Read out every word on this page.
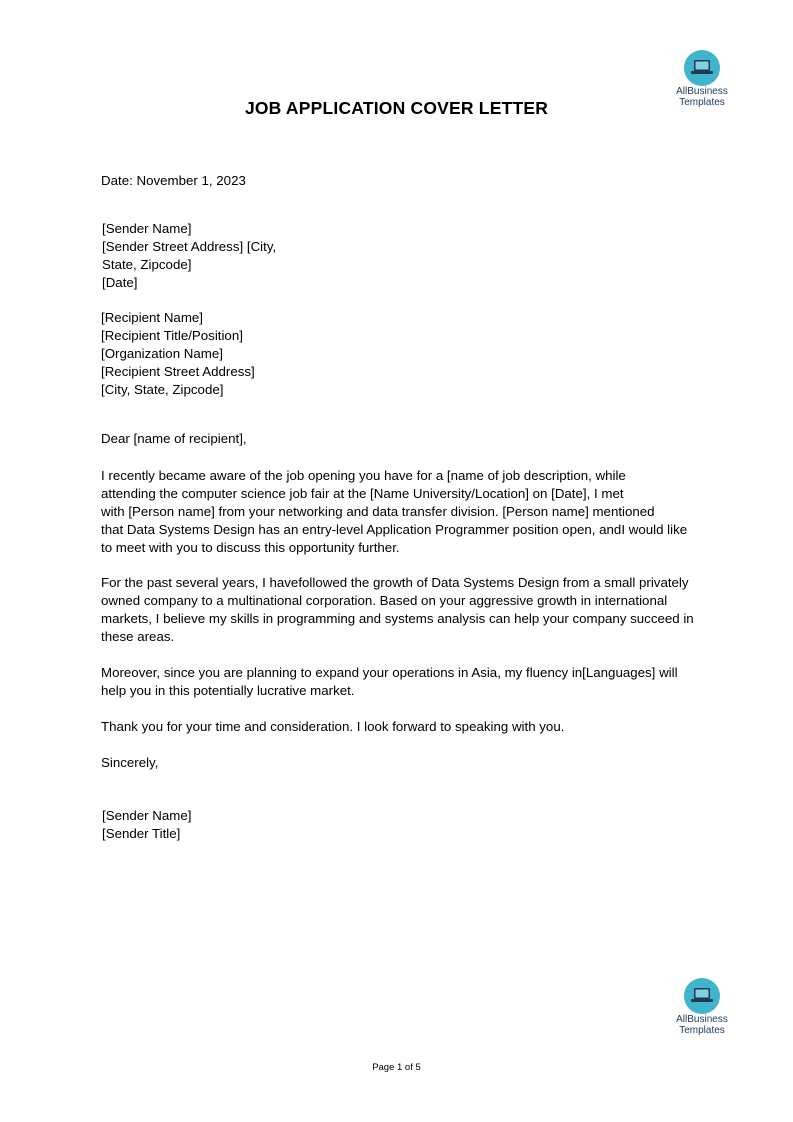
AllBusiness
Templates
JOB APPLICATION COVER LETTER
Date: November 1, 2023
[Sender Name]
[Sender Street Address] [City,
State, Zipcode]
[Date]
[Recipient Name]
[Recipient Title/Position]
[Organization Name]
[Recipient Street Address]
[City, State, Zipcode]
Dear [name of recipient],
I recently became aware of the job opening you have for a [name of job description, while
attending the computer science job fair at the [Name University/Location] on [Date], I met
with [Person name] from your networking and data transfer division. [Person name] mentioned
that Data Systems Design has an entry-level Application Programmer position open, andI would like
to meet with you to discuss this opportunity further.
For the past several years, I havefollowed the growth of Data Systems Design from a small privately
owned company to a multinational corporation. Based on your aggressive growth in international
markets, I believe my skills in programming and systems analysis can help your company succeed in
these areas.
Moreover, since you are planning to expand your operations in Asia, my fluency in[Languages] will
help you in this potentially lucrative market.
Thank you for your time and consideration. I look forward to speaking with you.
Sincerely,
[Sender Name]
[Sender Title]
AllBusiness
Templates
Page 1 of 5
